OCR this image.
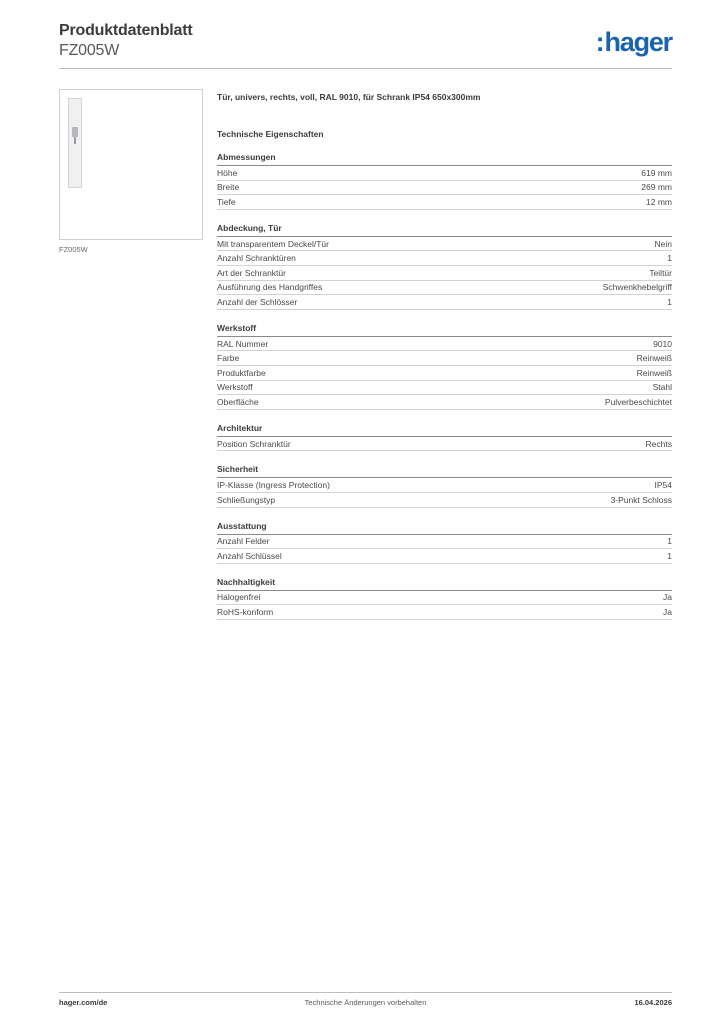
Produktdatenblatt
FZ005W	:hager
FZ005W
Tür, univers, rechts, voll, RAL 9010, für Schrank IP54 650x300mm
Technische Eigenschaften
Abmessungen
Höhe	619 mm
Breite	269 mm
Tiefe	12 mm
Abdeckung, Tür
Mit transparentem Deckel/Tür	Nein
Anzahl Schranktüren	1
Art der Schranktür	Teiltür
Ausführung des Handgriffes	Schwenkhebelgriff
Anzahl der Schlösser	1
Werkstoff
RAL Nummer	9010
Farbe	Reinweiß
Produktfarbe	Reinweiß
Werkstoff	Stahl
Oberfläche	Pulverbeschichtet
Architektur
Position Schranktür	Rechts
Sicherheit
IP-Klasse (Ingress Protection)	IP54
Schließungstyp	3-Punkt Schloss
Ausstattung
Anzahl Felder	1
Anzahl Schlüssel	1
Nachhaltigkeit
Halogenfrei	Ja
RoHS-konform	Ja
hager.com/de	Technische Änderungen vorbehalten	16.04.2026
